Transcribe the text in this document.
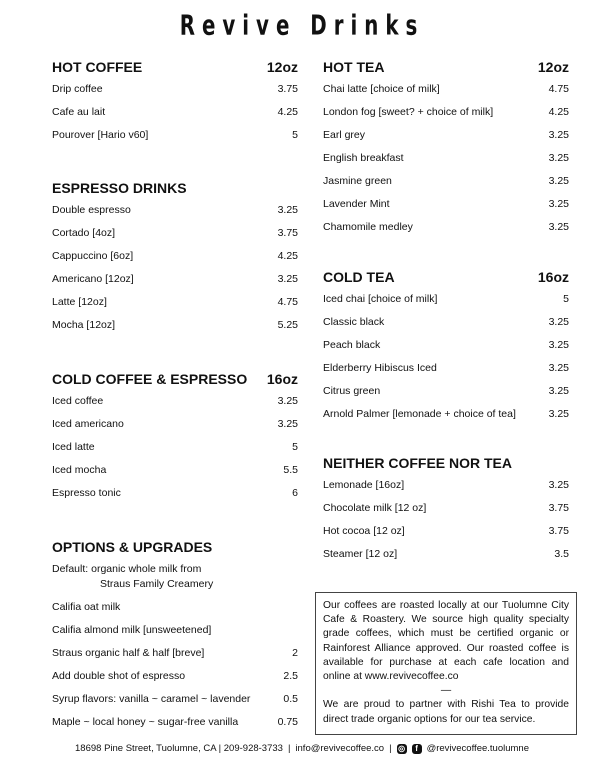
Revive Drinks
HOT COFFEE	12oz
Drip coffee	3.75
Cafe au lait	4.25
Pourover [Hario v60]	5
ESPRESSO DRINKS
Double espresso	3.25
Cortado [4oz]	3.75
Cappuccino [6oz]	4.25
Americano [12oz]	3.25
Latte [12oz]	4.75
Mocha [12oz]	5.25
COLD COFFEE & ESPRESSO 16oz
Iced coffee	3.25
Iced americano	3.25
Iced latte	5
Iced mocha	5.5
Espresso tonic	6
OPTIONS & UPGRADES
Default: organic whole milk from
Straus Family Creamery
Califia oat milk
Califia almond milk [unsweetened]
Straus organic half & half [breve]	2
Add double shot of espresso	2.5
Syrup flavors: vanilla ~ caramel ~ lavender	0.5
Maple ~ local honey ~ sugar-free vanilla	0.75
HOT TEA	12oz
Chai latte [choice of milk]	4.75
London fog [sweet? + choice of milk]	4.25
Earl grey	3.25
English breakfast	3.25
Jasmine green	3.25
Lavender Mint	3.25
Chamomile medley	3.25
COLD TEA	16oz
Iced chai [choice of milk]	5
Classic black	3.25
Peach black	3.25
Elderberry Hibiscus Iced	3.25
Citrus green	3.25
Arnold Palmer [lemonade + choice of tea]	3.25
NEITHER COFFEE NOR TEA
Lemonade [16oz]	3.25
Chocolate milk [12 oz]	3.75
Hot cocoa [12 oz]	3.75
Steamer [12 oz]	3.5
Our coffees are roasted locally at our Tuolumne City Cafe & Roastery. We source high quality specialty grade coffees, which must be certified organic or Rainforest Alliance approved. Our roasted coffee is available for purchase at each cafe location and online at www.revivecoffee.co
—
We are proud to partner with Rishi Tea to provide direct trade organic options for our tea service.
18698 Pine Street, Tuolumne, CA | 209-928-3733 | info@revivecoffee.co | ◎	f @revivecoffee.tuolumne
